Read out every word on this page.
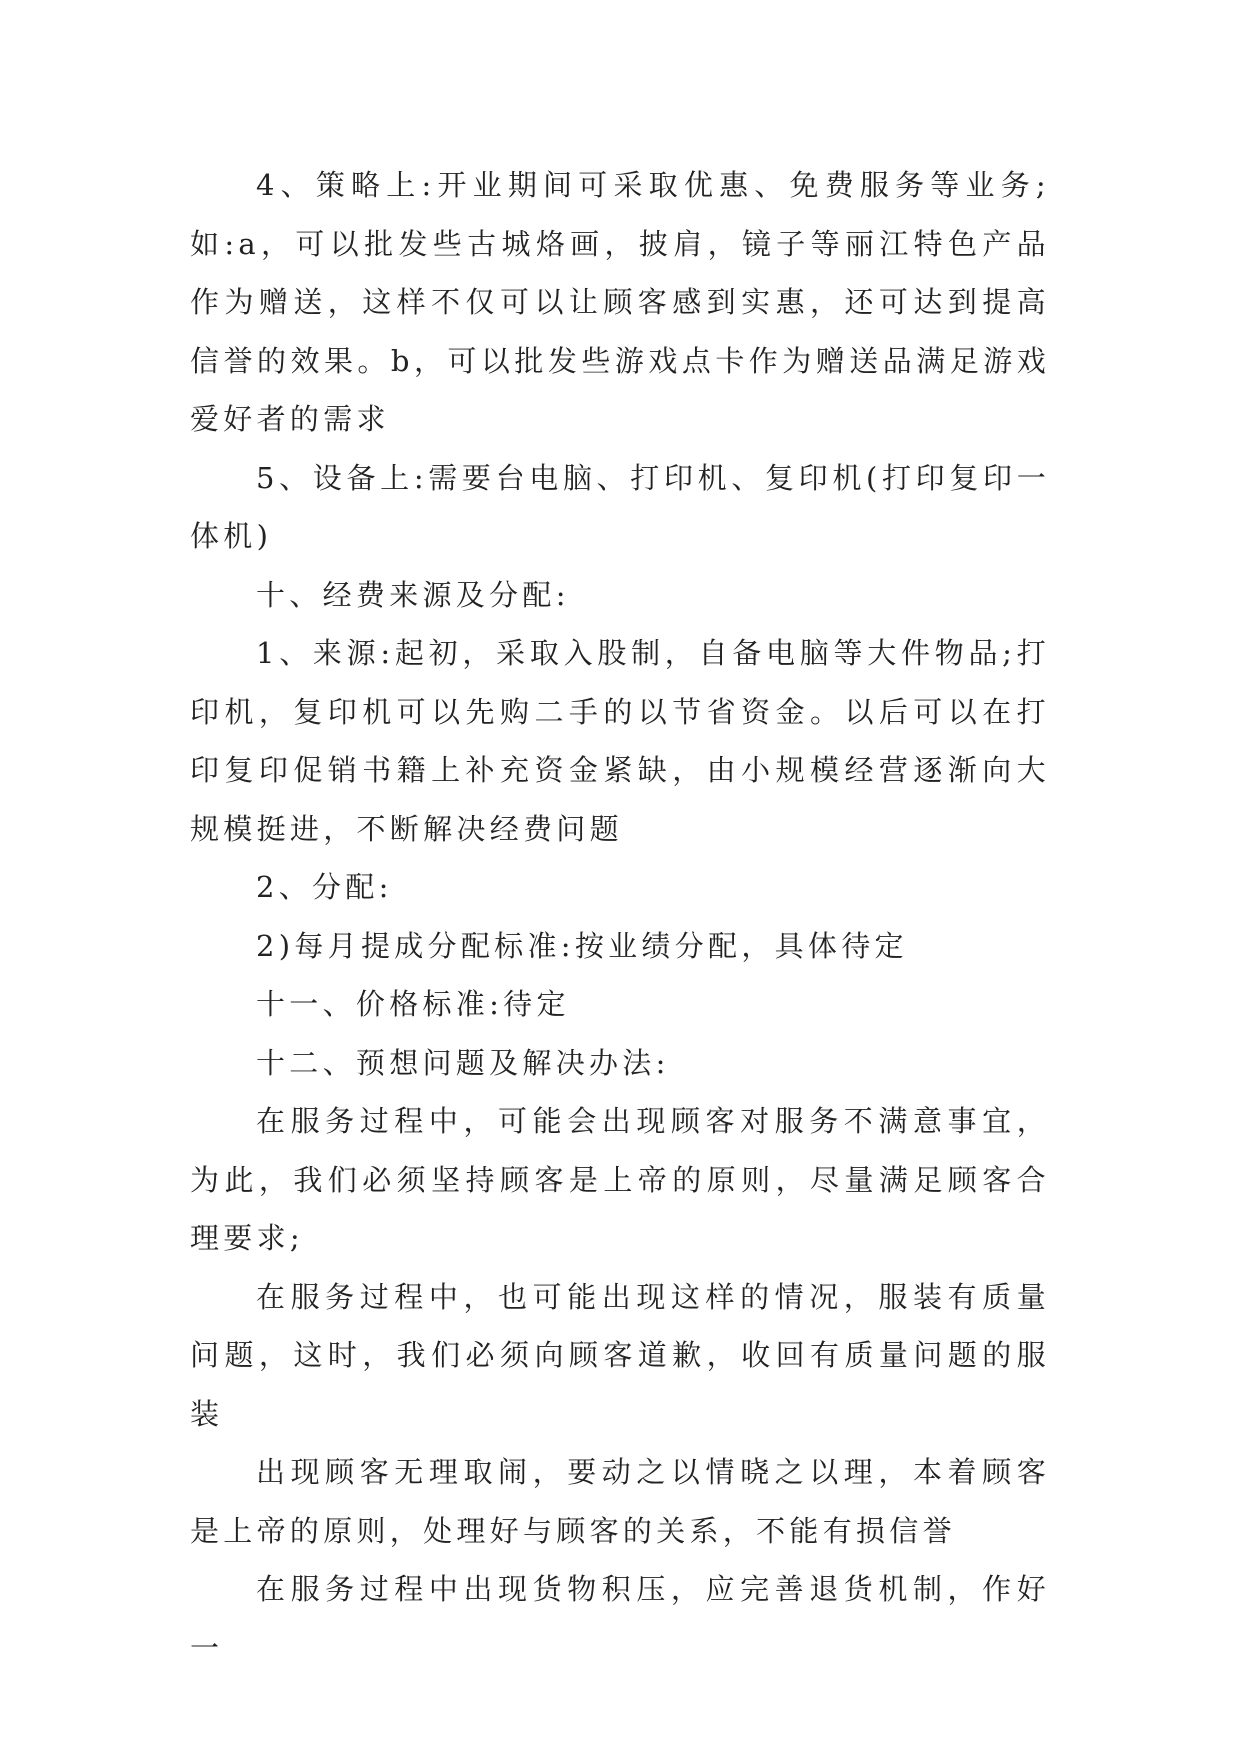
4、策略上:开业期间可采取优惠、免费服务等业务;如:a，可以批发些古城烙画，披肩，镜子等丽江特色产品作为赠送，这样不仅可以让顾客感到实惠，还可达到提高信誉的效果。b，可以批发些游戏点卡作为赠送品满足游戏爱好者的需求

5、设备上:需要台电脑、打印机、复印机(打印复印一体机)

十、经费来源及分配:

1、来源:起初，采取入股制，自备电脑等大件物品;打印机，复印机可以先购二手的以节省资金。以后可以在打印复印促销书籍上补充资金紧缺，由小规模经营逐渐向大规模挺进，不断解决经费问题

2、分配:

2)每月提成分配标准:按业绩分配，具体待定

十一、价格标准:待定

十二、预想问题及解决办法:

在服务过程中，可能会出现顾客对服务不满意事宜，为此，我们必须坚持顾客是上帝的原则，尽量满足顾客合理要求;

在服务过程中，也可能出现这样的情况，服装有质量问题，这时，我们必须向顾客道歉，收回有质量问题的服装

出现顾客无理取闹，要动之以情晓之以理，本着顾客是上帝的原则，处理好与顾客的关系，不能有损信誉

在服务过程中出现货物积压，应完善退货机制，作好一
